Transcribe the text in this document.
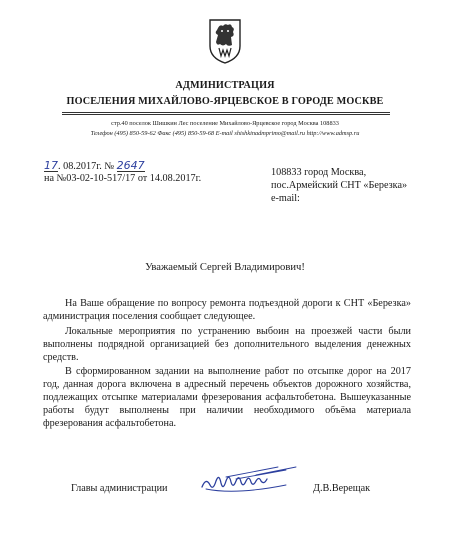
АДМИНИСТРАЦИЯ
ПОСЕЛЕНИЯ МИХАЙЛОВО-ЯРЦЕВСКОЕ В ГОРОДЕ МОСКВЕ
стр.40 поселок Шишкин Лес поселение Михайлово-Ярцевское город Москва 108833
Телефон (495) 850-59-62 Факс (495) 850-59-68 E-mail shishkinadmprimo@mail.ru http://www.admsp.ru
17. 08.2017г. № 2647
на №03-02-10-517/17 от 14.08.2017г.
108833 город Москва,
пос.Армейский СНТ «Березка»
e-mail:
Уважаемый Сергей Владимирович!

На Ваше обращение по вопросу ремонта подъездной дороги к СНТ «Березка» администрация поселения сообщает следующее.

Локальные мероприятия по устранению выбоин на проезжей части были выполнены подрядной организацией без дополнительного выделения денежных средств.

В сформированном задании на выполнение работ по отсыпке дорог на 2017 год, данная дорога включена в адресный перечень объектов дорожного хозяйства, подлежащих отсыпке материалами фрезерования асфальтобетона. Вышеуказанные работы будут выполнены при наличии необходимого объёма материала фрезерования асфальтобетона.

Главы администрации	Д.В.Верещак
